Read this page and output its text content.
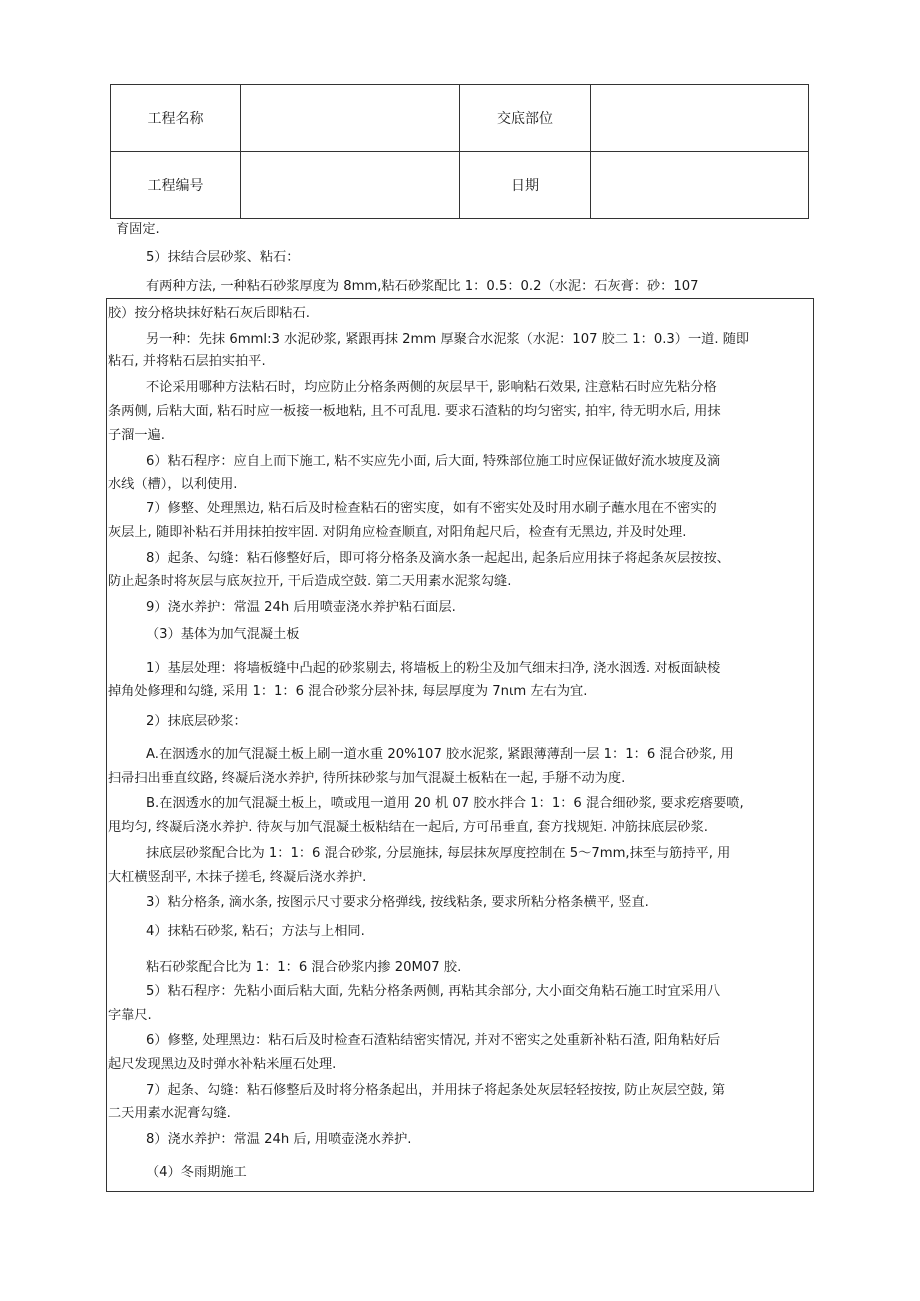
工程名称		交底部位	
工程编号		日期	
育固定.
5）抹结合层砂浆、粘石：
有两种方法, 一种粘石砂浆厚度为 8mm,粘石砂浆配比 1：0.5：0.2（水泥：石灰膏：砂：107
胶）按分格块抹好粘石灰后即粘石.
另一种：先抹 6mml:3 水泥砂浆, 紧跟再抹 2mm 厚聚合水泥浆（水泥：107 胶二 1：0.3）一道. 随即
粘石, 并将粘石层拍实拍平.
不论采用哪种方法粘石时，均应防止分格条两侧的灰层早干, 影响粘石效果, 注意粘石时应先粘分格
条两侧, 后粘大面, 粘石时应一板接一板地粘, 且不可乱甩. 要求石渣粘的均匀密实, 拍牢, 待无明水后, 用抹
子溜一遍.
6）粘石程序：应自上而下施工, 粘不实应先小面, 后大面, 特殊部位施工时应保证做好流水坡度及滴
水线（槽），以利使用.
7）修整、处理黑边, 粘石后及时检查粘石的密实度，如有不密实处及时用水刷子蘸水甩在不密实的
灰层上, 随即补粘石并用抹拍按牢固. 对阴角应检查顺直, 对阳角起尺后，检查有无黑边, 并及时处理.
8）起条、勾缝：粘石修整好后，即可将分格条及滴水条一起起出, 起条后应用抹子将起条灰层按按、
防止起条时将灰层与底灰拉开, 干后造成空鼓. 第二天用素水泥浆勾缝.
9）浇水养护：常温 24h 后用喷壶浇水养护粘石面层.
（3）基体为加气混凝土板
1）基层处理：将墙板缝中凸起的砂浆剔去, 将墙板上的粉尘及加气细末扫净, 浇水洇透. 对板面缺棱
掉角处修理和勾缝, 采用 1：1：6 混合砂浆分层补抹, 每层厚度为 7nιm 左右为宜.
2）抹底层砂浆：
A.在洇透水的加气混凝土板上刷一道水重 20%107 胶水泥浆, 紧跟薄薄刮一层 1：1：6 混合砂浆, 用
扫帚扫出垂直纹路, 终凝后浇水养护, 待所抹砂浆与加气混凝土板粘在一起, 手掰不动为度.
B.在洇透水的加气混凝土板上，喷或甩一道用 20 机 07 胶水拌合 1：1：6 混合细砂浆, 要求疙瘩要喷,
甩均匀, 终凝后浇水养护. 待灰与加气混凝土板粘结在一起后, 方可吊垂直, 套方找规矩. 冲筋抹底层砂浆.
抹底层砂浆配合比为 1：1：6 混合砂浆, 分层施抹, 每层抹灰厚度控制在 5～7mm,抹至与筋持平, 用
大杠横竖刮平, 木抹子搓毛, 终凝后浇水养护.
3）粘分格条, 滴水条, 按图示尺寸要求分格弹线, 按线粘条, 要求所粘分格条横平, 竖直.
4）抹粘石砂浆, 粘石；方法与上相同.
粘石砂浆配合比为 1：1：6 混合砂浆内掺 20M07 胶.
5）粘石程序：先粘小面后粘大面, 先粘分格条两侧, 再粘其余部分, 大小面交角粘石施工时宜采用八
字靠尺.
6）修整, 处理黑边：粘石后及时检查石渣粘结密实情况, 并对不密实之处重新补粘石渣, 阳角粘好后
起尺发现黑边及时弹水补粘米厘石处理.
7）起条、勾缝：粘石修整后及时将分格条起出，并用抹子将起条处灰层轻轻按按, 防止灰层空鼓, 第
二天用素水泥膏勾缝.
8）浇水养护：常温 24h 后, 用喷壶浇水养护.
（4）冬雨期施工
